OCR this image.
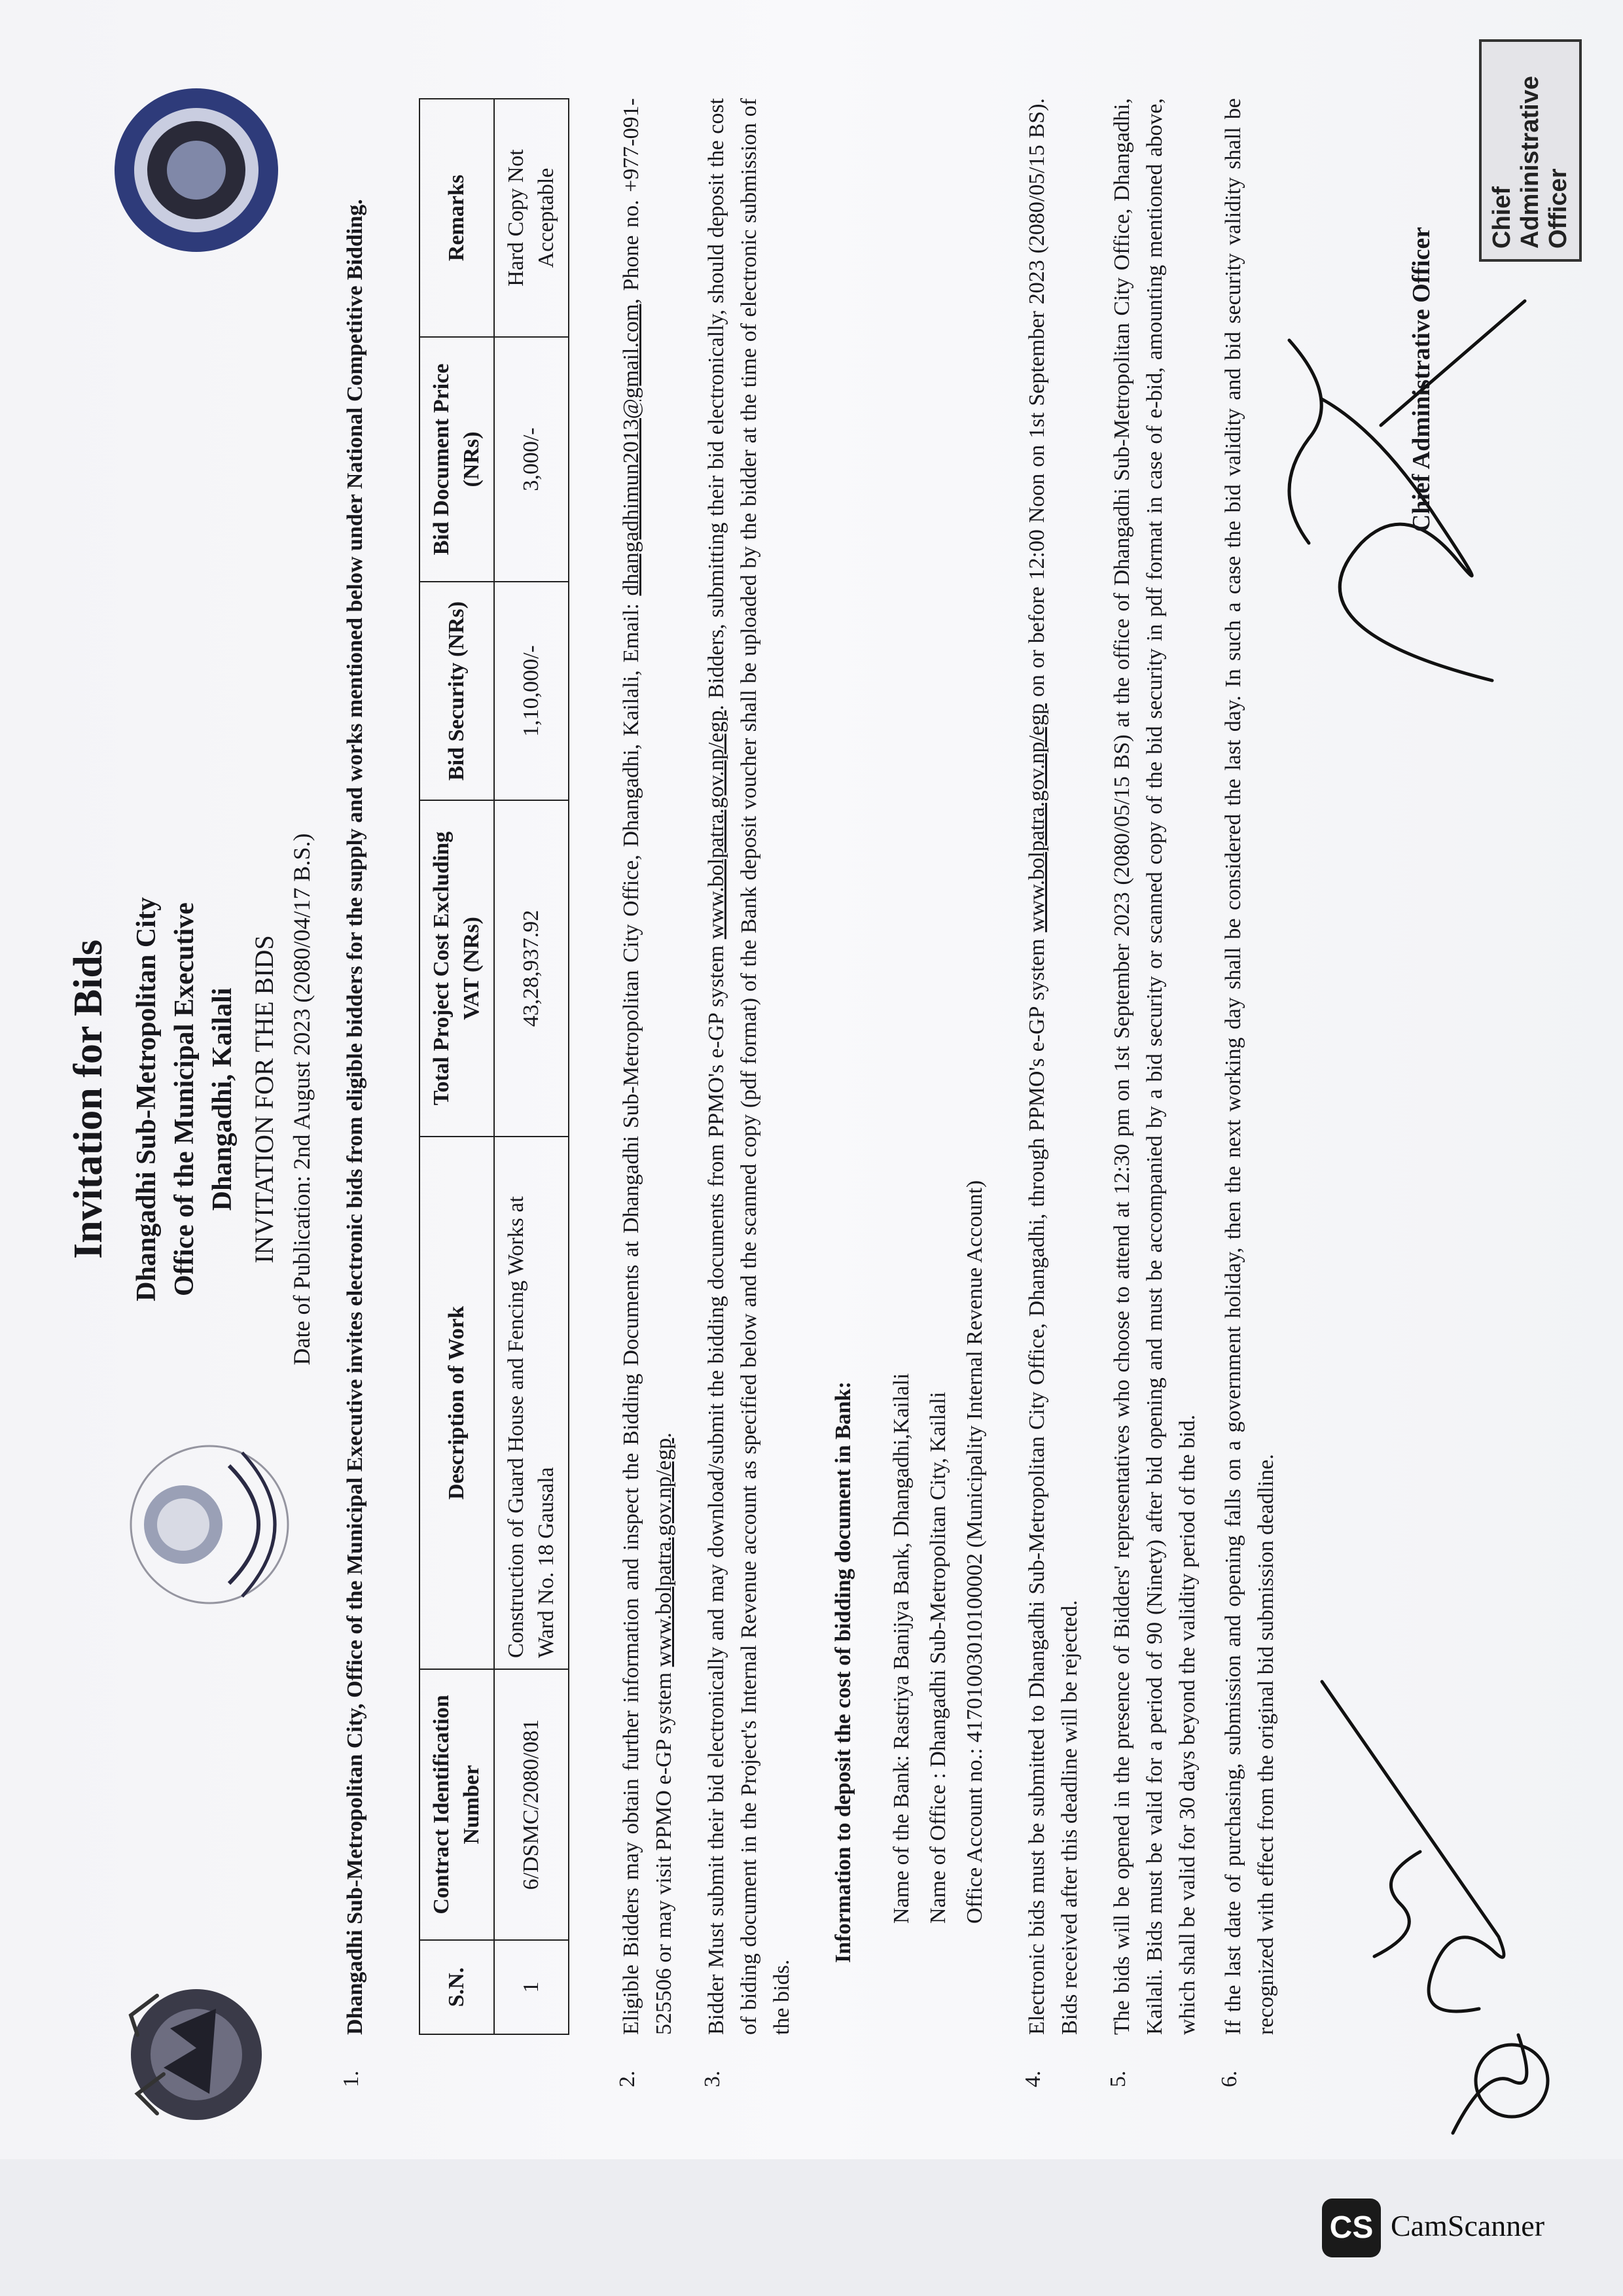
Invitation for Bids Dhangadhi Sub-Metropolitan City Office of the Municipal Executive Dhangadhi, Kailali INVITATION FOR THE BIDS Date of Publication: 2nd August 2023 (2080/04/17 B.S.)
1.
Dhangadhi Sub-Metropolitan City, Office of the Municipal Executive invites electronic bids from eligible bidders for the supply and works mentioned below under National Competitive Bidding.	S.N.	Contract Identification Number	Description of Work	Total Project Cost Excluding VAT (NRs)	Bid Security (NRs)	Bid Document Price (NRs)	Remarks
1	6/DSMC/2080/081	Construction of Guard House and Fencing Works at Ward No. 18 Gausala	43,28,937.92	1,10,000/-	3,000/-	Hard Copy Not Acceptable
2.
Eligible Bidders may obtain further information and inspect the Bidding Documents at Dhangadhi Sub-Metropolitan City Office, Dhangadhi, Kailali, Email: dhangadhimun2013@gmail.com, Phone no. +977-091-525506 or may visit PPMO e-GP system www.bolpatra.gov.np/egp.
3.
Bidder Must submit their bid electronically and may download/submit the bidding documents from PPMO's e-GP system www.bolpatra.gov.np/egp. Bidders, submitting their bid electronically, should deposit the cost of biding document in the Project's Internal Revenue account as specified below and the scanned copy (pdf format) of the Bank deposit voucher shall be uploaded by the bidder at the time of electronic submission of the bids.
Information to deposit the cost of bidding document in Bank: Name of the Bank: Rastriya Banijya Bank, Dhangadhi,Kailali Name of Office : Dhangadhi Sub-Metropolitan City, Kailali Office Account no.: 41701003010100002 (Municipality Internal Revenue Account)
4.
Electronic bids must be submitted to Dhangadhi Sub-Metropolitan City Office, Dhangadhi, through PPMO's e-GP system www.bolpatra.gov.np/egp on or before 12:00 Noon on 1st September 2023 (2080/05/15 BS). Bids received after this deadline will be rejected.
5.
The bids will be opened in the presence of Bidders' representatives who choose to attend at 12:30 pm on 1st September 2023 (2080/05/15 BS) at the office of Dhangadhi Sub-Metropolitan City Office, Dhangadhi, Kailali. Bids must be valid for a period of 90 (Ninety) after bid opening and must be accompanied by a bid security or scanned copy of the bid security in pdf format in case of e-bid, amounting mentioned above, which shall be valid for 30 days beyond the validity period of the bid.
6.
If the last date of purchasing, submission and opening falls on a government holiday, then the next working day shall be considered the last day. In such a case the bid validity and bid security validity shall be recognized with effect from the original bid submission deadline.
Chief Administrative Officer
Chief Administrative Officer
CS CamScanner
